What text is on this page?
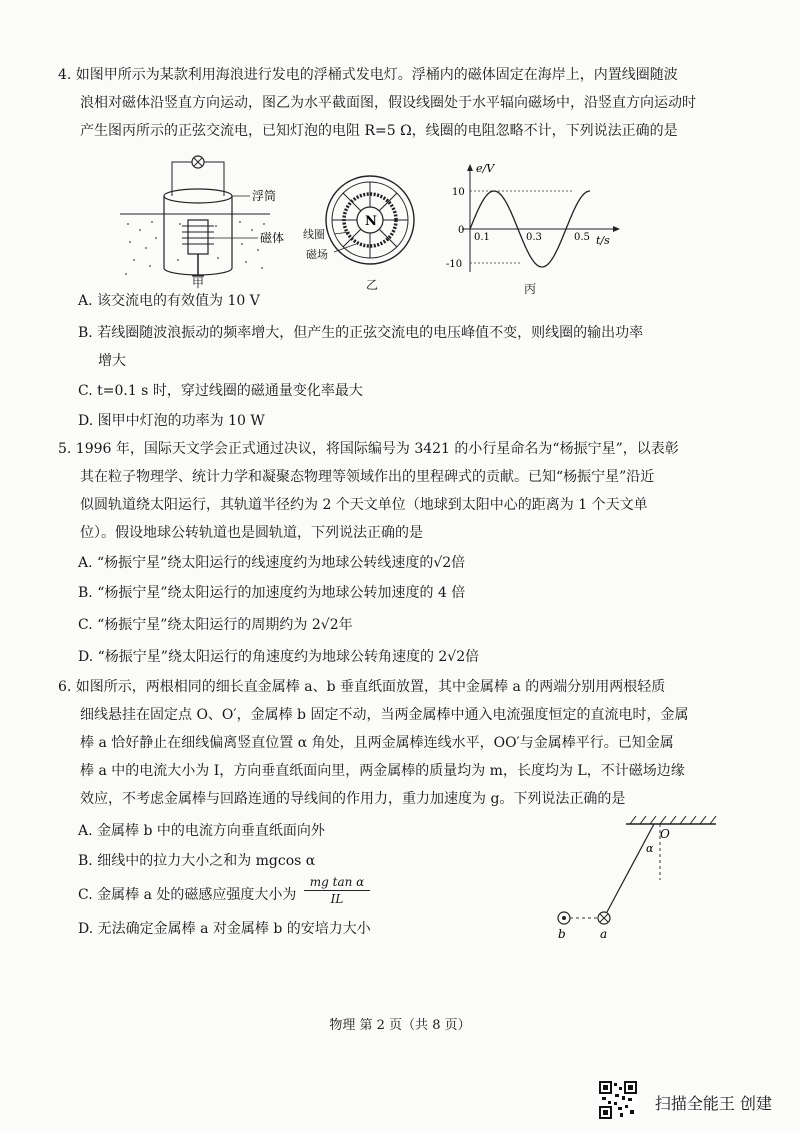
4. 如图甲所示为某款利用海浪进行发电的浮桶式发电灯。浮桶内的磁体固定在海岸上，内置线圈随波
浪相对磁体沿竖直方向运动，图乙为水平截面图，假设线圈处于水平辐向磁场中，沿竖直方向运动时
产生图丙所示的正弦交流电，已知灯泡的电阻 R=5 Ω，线圈的电阻忽略不计，下列说法正确的是
浮筒
磁体
甲
N
线圈
磁场
乙
e/V
t/s
10
0
-10
0.1	0.3	0.5
丙
A. 该交流电的有效值为 10 V
B. 若线圈随波浪振动的频率增大，但产生的正弦交流电的电压峰值不变，则线圈的输出功率
增大
C. t=0.1 s 时，穿过线圈的磁通量变化率最大
D. 图甲中灯泡的功率为 10 W
5. 1996 年，国际天文学会正式通过决议，将国际编号为 3421 的小行星命名为“杨振宁星”，以表彰
其在粒子物理学、统计力学和凝聚态物理等领域作出的里程碑式的贡献。已知“杨振宁星”沿近
似圆轨道绕太阳运行，其轨道半径约为 2 个天文单位（地球到太阳中心的距离为 1 个天文单
位）。假设地球公转轨道也是圆轨道，下列说法正确的是
A. “杨振宁星”绕太阳运行的线速度约为地球公转线速度的√2倍
B. “杨振宁星”绕太阳运行的加速度约为地球公转加速度的 4 倍
C. “杨振宁星”绕太阳运行的周期约为 2√2年
D. “杨振宁星”绕太阳运行的角速度约为地球公转角速度的 2√2倍
6. 如图所示，两根相同的细长直金属棒 a、b 垂直纸面放置，其中金属棒 a 的两端分别用两根轻质
细线悬挂在固定点 O、O′，金属棒 b 固定不动，当两金属棒中通入电流强度恒定的直流电时，金属
棒 a 恰好静止在细线偏离竖直位置 α 角处，且两金属棒连线水平，OO′与金属棒平行。已知金属
棒 a 中的电流大小为 I，方向垂直纸面向里，两金属棒的质量均为 m，长度均为 L，不计磁场边缘
效应，不考虑金属棒与回路连通的导线间的作用力，重力加速度为 g。下列说法正确的是
A. 金属棒 b 中的电流方向垂直纸面向外
B. 细线中的拉力大小之和为 mgcos α
C. 金属棒 a 处的磁感应强度大小为 $\frac{\text{mg tan α}}{IL}$
D. 无法确定金属棒 a 对金属棒 b 的安培力大小
O
α
a
b
物理 第 2 页（共 8 页）
扫描全能王 创建
